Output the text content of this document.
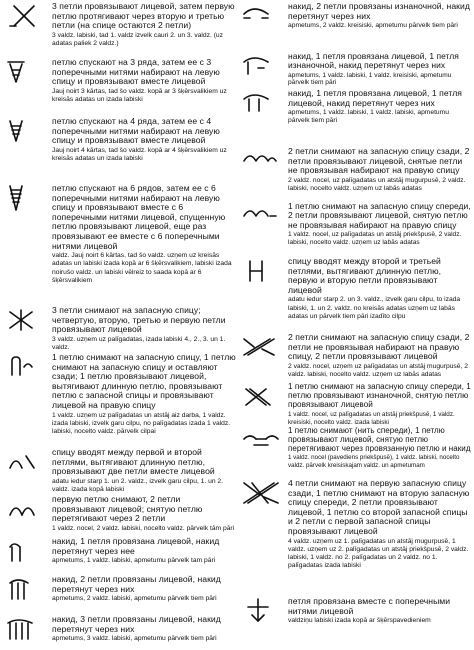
3 петли провязывают лицевой, затем первую петлю протягивают через вторую и третью петли (на спице остаются 2 петли)
3 valdz. labiski, tad 1. valdz izvelk cauri 2. un 3. valdz. (uz adatas paliek 2 valdz.)
петлю спускают на 3 ряда, затем ее с 3 поперечными нитями набирают на левую спицу и провязывают вместе лицевой
Jauj noirt 3 kārtas, tad šo valdz. kopā ar 3 šķērsvalikiem uz kreisās adatas un izada labiski
петлю спускают на 4 ряда, затем ее с 4 поперечными нитями набирают на левую спицу и провязывают вместе лицевой
Jauj noirt 4 kārtas, tad šo valdz. kopā ar 4 šķērsvalikiem uz kreisās adatas un izada labiski
петлю спускают на 6 рядов, затем ее с 6 поперечными нитями набирают на левую спицу и провязывают вместе с 6 поперечными нитями лицевой, спущенную петлю провязывают лицевой, еще раз провязывают ее вместе с 6 поперечными нитями лицевой
valdz. Jauj noirt 6 kārtas, tad šo valdz. uzņem uz kreisās adatas un labiski izada kopā ar 6 šķērsvalikiem, labiski izada noirušo valdz. un labiski vēlreiz to saada kopā ar 6 šķērsvalikiem
3 петли снимают на запасную спицу; четвертую, вторую, третью и первую петли провязывают лицевой
3 valdz. uzņem uz palīgadatas, izada labiski 4., 2., 3. un 1. valdz.
1 петлю снимают на запасную спицу, 1 петлю снимают на запасную спицу и оставляют сзади; 1 петлю провязывают лицевой, вытягивают длинную петлю, провязывают петлю с запасной спицы и провязывают лицевой на правую спицу
1 valdz. uzņem uz palīgadatas un atstāj aiz darba, 1 valdz. izada labiski, izvelk garu cilpu, no palīgadatas izada 1 valdz. labiski, nocelto valdz. pārvelk cilpai
спицу вводят между первой и второй петлями, вытягивают длинную петлю, провязывают две петли вместе лицевой
adatu iedur starp 1. un 2. valdz., izvelk garu cilpu, 1. un 2. valdz. izada kopā labiski
первую петлю снимают, 2 петли провязывают лицевой; снятую петлю перетягивают через 2 петли
1 valdz. nocel, 2 valdz. labiski, nocelto valdz. pārvelk tām pāri
накид, 1 петля провязана лицевой, накид перетянут через нее
apmetums, 1 valdz. labiski, apmetumu pārvelk tam pāri
накид, 2 петли провязаны лицевой, накид перетянут через них
apmetums, 2 valdz. labiski, apmetumu pārvelk tiem pāri
накид, 3 петли провязаны лицевой, накид перетянут через них
apmetums, 3 valdz. labiski, apmetumu pārvelk tiem pāri
накид, 2 петли провязаны изнаночной, накид перетянут через них
apmetums, 2 valdz. kreisiski, apmetumu pārvelk tiem pāri
накид, 1 петля провязана лицевой, 1 петля изнаночной, накид перетянут через них
apmetums, 1 valdz. labiski, 1 valdz. kreisiski, apmetumu pārvelk tiem pāri
накид, 1 петля провязана лицевой, 1 петля лицевой, накид перетянут через них
apmetums, 1 valdz. labiski, 1 valdz. labiski, apmetumu pārvelk tiem pāri
2 петли снимают на запасную спицу сзади, 2 петли провязывают лицевой, снятые петли не провязывая набирают на правую спицу
2 valdz. nocel, uz palīgadatas un atstāj mugurpusē, 2 valdz. labiski, nocelto valdz. uzņem uz labās adatas
1 петлю снимают на запасную спицу спереди, 2 петли провязывают лицевой, снятую петлю не провязывая набирают на правую спицу
1 valdz. nocel, uz palīgadatas un atstāj priekšpusē, 2 valdz. labiski, nocelto valdz. uzņem uz labās adatas
спицу вводят между второй и третьей петлями, вытягивают длинную петлю, первую и вторую петли провязывают лицевой
adatu iedur starp 2. un 3. valdz., izvelk garu cilpu, to izada labiski, 1. un 2. valdz. no kreisās adatas uzņem uz labās adatas un pārvelk tiem pāri izadīto cilpu
2 петли снимают на запасную спицу сзади, 2 петли не провязывая набирают на правую спицу, 2 петли провязывают лицевой
2 valdz. nocel, uzņem uz palīgadatas un atstāj mugurpusē, 2 valdz. labiski, nocelto valdz. uzņem uz labās adatas
1 петлю снимают на запасную спицу спереди, 1 петлю провязывают изнаночной, снятую петлю провязывают лицевой
1 valdz. nocel, uz palīgadatas un atstāj priekšpusē, 1 valdz. kreisiski, nocelto valdz. izada labiski
1 петлю снимают (нить спереди), 1 петлю провязывают лицевой, снятую петлю перетягивают через провязанную петлю и накид
1 valdz. nocel (pavediens priekšpusē), 1 valdz. labiski, nocelto valdz. pārvelk kreisiskajam valdz. un apmetumam
4 петли снимают на первую запасную спицу сзади, 1 петлю снимают на вторую запасную спицу спереди, 2 петли провязывают лицевой, 1 петлю со второй запасной спицы и 2 петли с первой запасной спицы провязывают лицевой
4 valdz. uzņem uz 1. palīgadatas un atstāj mugurpusē, 1 valdz. uzņem uz 2. palīgadatas un atstāj priekšpusē, 2 valdz. labiski, 1 valdz. no 2. palīgadatas un 2 valdz. no 1. palīgadatas izada labiski
петля провязана вместе с поперечными нитями лицевой
valdziņu labiski izada kopā ar šķērspavedieniem
